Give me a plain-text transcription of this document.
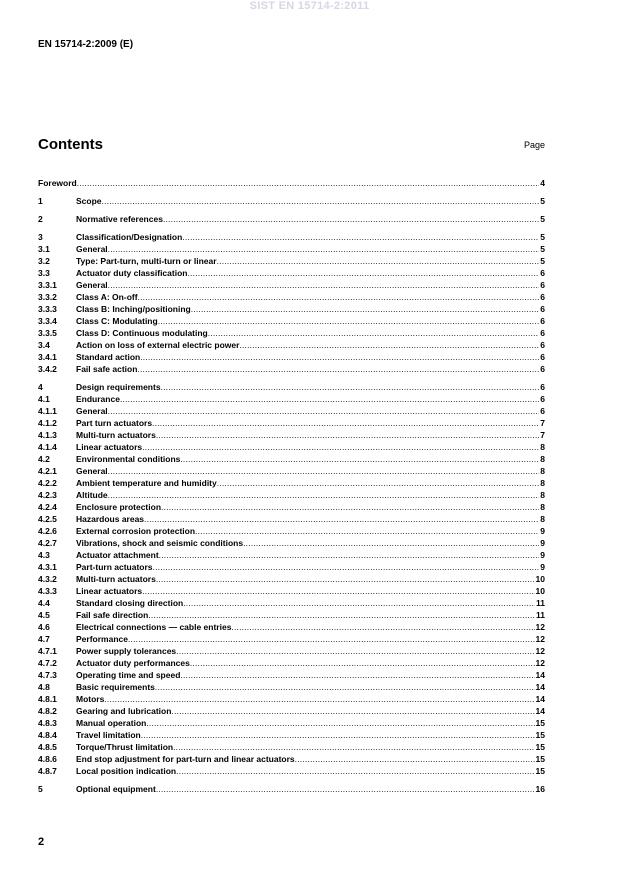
SIST EN 15714-2:2011
EN 15714-2:2009 (E)
Contents	Page
Foreword .....	4
1	Scope .....	5
2	Normative references .....	5
3	Classification/Designation .....	5
3.1	General .....	5
3.2	Type: Part-turn, multi-turn or linear .....	5
3.3	Actuator duty classification .....	6
3.3.1	General .....	6
3.3.2	Class A: On-off .....	6
3.3.3	Class B: Inching/positioning .....	6
3.3.4	Class C: Modulating .....	6
3.3.5	Class D: Continuous modulating .....	6
3.4	Action on loss of external electric power .....	6
3.4.1	Standard action .....	6
3.4.2	Fail safe action .....	6
4	Design requirements .....	6
4.1	Endurance .....	6
4.1.1	General .....	6
4.1.2	Part turn actuators .....	7
4.1.3	Multi-turn actuators .....	7
4.1.4	Linear actuators .....	8
4.2	Environmental conditions .....	8
4.2.1	General .....	8
4.2.2	Ambient temperature and humidity .....	8
4.2.3	Altitude .....	8
4.2.4	Enclosure protection .....	8
4.2.5	Hazardous areas .....	8
4.2.6	External corrosion protection .....	9
4.2.7	Vibrations, shock and seismic conditions .....	9
4.3	Actuator attachment .....	9
4.3.1	Part-turn actuators .....	9
4.3.2	Multi-turn actuators .....	10
4.3.3	Linear actuators .....	10
4.4	Standard closing direction .....	11
4.5	Fail safe direction .....	11
4.6	Electrical connections — cable entries .....	12
4.7	Performance .....	12
4.7.1	Power supply tolerances .....	12
4.7.2	Actuator duty performances .....	12
4.7.3	Operating time and speed .....	14
4.8	Basic requirements .....	14
4.8.1	Motors .....	14
4.8.2	Gearing and lubrication .....	14
4.8.3	Manual operation .....	15
4.8.4	Travel limitation .....	15
4.8.5	Torque/Thrust limitation .....	15
4.8.6	End stop adjustment for part-turn and linear actuators .....	15
4.8.7	Local position indication .....	15
5	Optional equipment .....	16
2
